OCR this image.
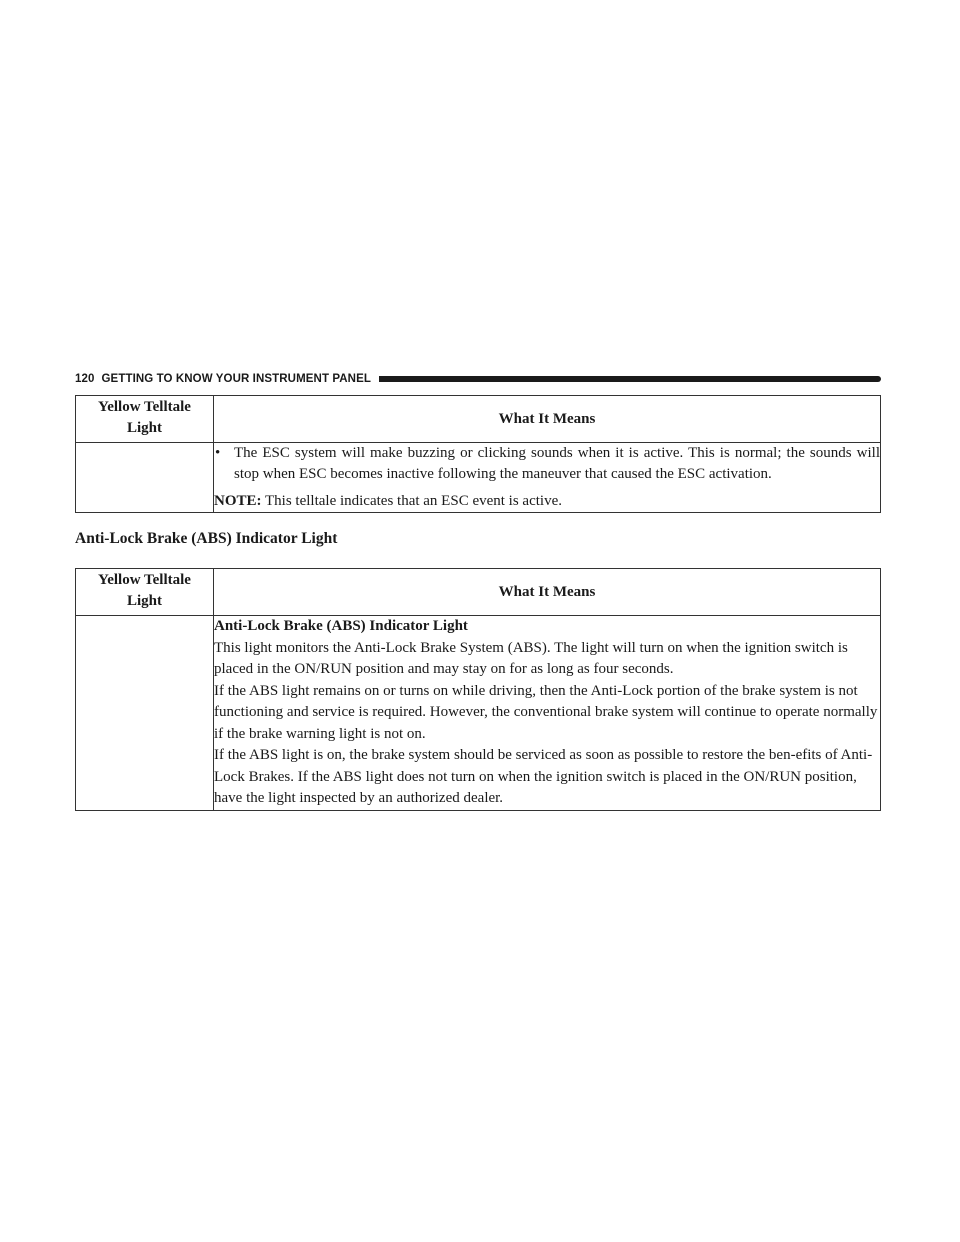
120 GETTING TO KNOW YOUR INSTRUMENT PANEL
Yellow Telltale
Light	What It Means

	• The ESC system will make buzzing or clicking sounds when it is active. This is normal; the sounds will stop when ESC becomes inactive following the maneuver that caused the ESC activation.
NOTE: This telltale indicates that an ESC event is active.
Anti-Lock Brake (ABS) Indicator Light
Yellow Telltale
Light	What It Means

	Anti-Lock Brake (ABS) Indicator Light
This light monitors the Anti-Lock Brake System (ABS). The light will turn on when the ignition switch is placed in the ON/RUN position and may stay on for as long as four seconds.
If the ABS light remains on or turns on while driving, then the Anti-Lock portion of the brake system is not functioning and service is required. However, the conventional brake system will continue to operate normally if the brake warning light is not on.
If the ABS light is on, the brake system should be serviced as soon as possible to restore the ben-efits of Anti-Lock Brakes. If the ABS light does not turn on when the ignition switch is placed in the ON/RUN position, have the light inspected by an authorized dealer.
